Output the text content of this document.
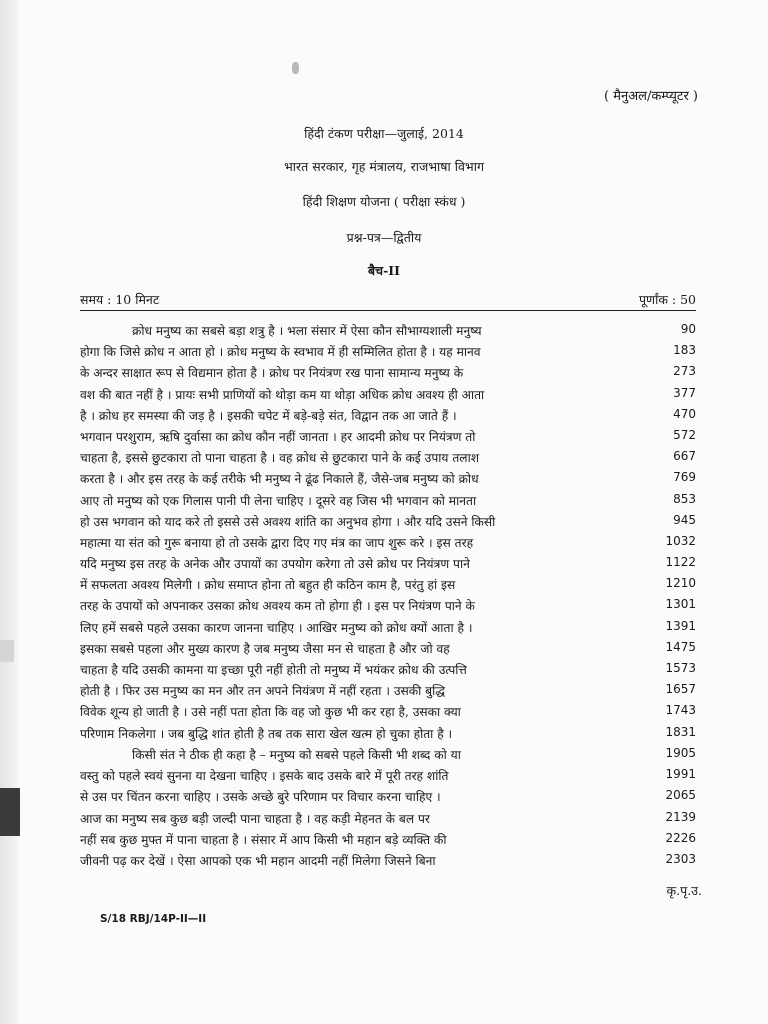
( मैनुअल/कम्प्यूटर )
हिंदी टंकण परीक्षा—जुलाई, 2014
भारत सरकार, गृह मंत्रालय, राजभाषा विभाग
हिंदी शिक्षण योजना ( परीक्षा स्कंध )
प्रश्न-पत्र—द्वितीय
बैच-II
समय : 10 मिनट	पूर्णांक : 50
क्रोध मनुष्य का सबसे बड़ा शत्रु है । भला संसार में ऐसा कौन सौभाग्यशाली मनुष्य	90
होगा कि जिसे क्रोध न आता हो । क्रोध मनुष्य के स्वभाव में ही सम्मिलित होता है । यह मानव	183
के अन्दर साक्षात रूप से विद्यमान होता है । क्रोध पर नियंत्रण रख पाना सामान्य मनुष्य के	273
वश की बात नहीं है । प्रायः सभी प्राणियों को थोड़ा कम या थोड़ा अधिक क्रोध अवश्य ही आता	377
है । क्रोध हर समस्या की जड़ है । इसकी चपेट में बड़े-बड़े संत, विद्वान तक आ जाते हैं ।	470
भगवान परशुराम, ऋषि दुर्वासा का क्रोध कौन नहीं जानता । हर आदमी क्रोध पर नियंत्रण तो	572
चाहता है, इससे छुटकारा तो पाना चाहता है । वह क्रोध से छुटकारा पाने के कई उपाय तलाश	667
करता है । और इस तरह के कई तरीके भी मनुष्य ने ढूंढ निकाले हैं, जैसे-जब मनुष्य को क्रोध	769
आए तो मनुष्य को एक गिलास पानी पी लेना चाहिए । दूसरे वह जिस भी भगवान को मानता	853
हो उस भगवान को याद करे तो इससे उसे अवश्य शांति का अनुभव होगा । और यदि उसने किसी	945
महात्मा या संत को गुरू बनाया हो तो उसके द्वारा दिए गए मंत्र का जाप शुरू करे । इस तरह	1032
यदि मनुष्य इस तरह के अनेक और उपायों का उपयोग करेगा तो उसे क्रोध पर नियंत्रण पाने	1122
में सफलता अवश्य मिलेगी । क्रोध समाप्त होना तो बहुत ही कठिन काम है, परंतु हां इस	1210
तरह के उपायों को अपनाकर उसका क्रोध अवश्य कम तो होगा ही । इस पर नियंत्रण पाने के	1301
लिए हमें सबसे पहले उसका कारण जानना चाहिए । आखिर मनुष्य को क्रोध क्यों आता है ।	1391
इसका सबसे पहला और मुख्य कारण है जब मनुष्य जैसा मन से चाहता है और जो वह	1475
चाहता है यदि उसकी कामना या इच्छा पूरी नहीं होती तो मनुष्य में भयंकर क्रोध की उत्पत्ति	1573
होती है । फिर उस मनुष्य का मन और तन अपने नियंत्रण में नहीं रहता । उसकी बुद्धि	1657
विवेक शून्य हो जाती है । उसे नहीं पता होता कि वह जो कुछ भी कर रहा है, उसका क्या	1743
परिणाम निकलेगा । जब बुद्धि शांत होती है तब तक सारा खेल खत्म हो चुका होता है ।	1831
किसी संत ने ठीक ही कहा है – मनुष्य को सबसे पहले किसी भी शब्द को या	1905
वस्तु को पहले स्वयं सुनना या देखना चाहिए । इसके बाद उसके बारे में पूरी तरह शांति	1991
से उस पर चिंतन करना चाहिए । उसके अच्छे बुरे परिणाम पर विचार करना चाहिए ।	2065
आज का मनुष्य सब कुछ बड़ी जल्दी पाना चाहता है । वह कड़ी मेहनत के बल पर	2139
नहीं सब कुछ मुफ्त में पाना चाहता है । संसार में आप किसी भी महान बड़े व्यक्ति की	2226
जीवनी पढ़ कर देखें । ऐसा आपको एक भी महान आदमी नहीं मिलेगा जिसने बिना	2303
कृ.पृ.उ.
S/18 RBJ/14P-II—II
